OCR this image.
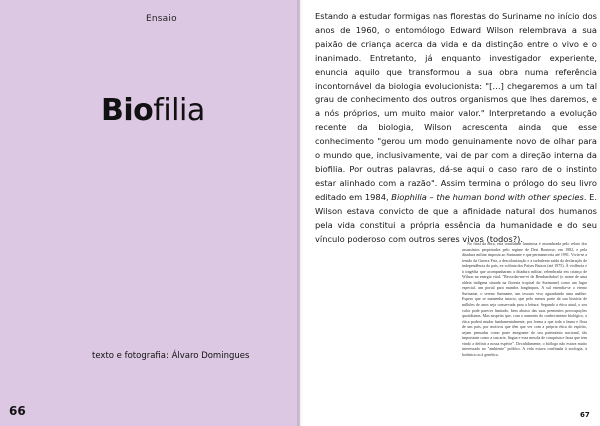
Ensaio
Biofilia
texto e fotografia: Álvaro Domingues
66

Estando a estudar formigas nas florestas do Suriname no início dos anos de 1960, o entomólogo Edward Wilson relembrava a sua paixão de criança acerca da vida e da distinção entre o vivo e o inanimado. Entretanto, já enquanto investigador experiente, enuncia aquilo que transformou a sua obra numa referência incontornável da biologia evolucionista: "[…] chegaremos a um tal grau de conhecimento dos outros organismos que lhes daremos, e a nós próprios, um muito maior valor." Interpretando a evolução recente da biologia, Wilson acrescenta ainda que esse conhecimento "gerou um modo genuinamente novo de olhar para o mundo que, inclusivamente, vai de par com a direção interna da biofilia. Por outras palavras, dá-se aqui o caso raro de o instinto estar alinhado com a razão". Assim termina o prólogo do seu livro editado em 1984, Biophilia – the human bond with other species. E. Wilson estava convicto de que a afinidade natural dos humanos pela vida constitui a própria essência da humanidade e do seu vínculo poderoso com outros seres vivos (todos?).

No final da obra, esta tonalidade luminosa é assombrada pelo relato dos assassínios perpetrados pelo regime de Desi Bouterse, em 1982, e pela ditadura militar imposta ao Suriname e que permaneceria até 1991. Vivia-se a tensão da Guerra Fria, a descolonização e a turbulenta saída da declaração de independência do país, ex-colónia dos Países Baixos (até 1975). À violência e à tragédia que acompanharam a ditadura militar, relembrada em criança de Wilson na energia vital: "Recordar-me-ei de Bernhardsdorf (o nome de uma aldeia indígena situada na floresta tropical do Suriname) como um lugar especial, um portal para mundos longínquos. A sul estendia-se o eterno Suriname, o sereno Suriname, um tesouro vivo aguardando uma análise. Espero que se mantenha intacto, que pelo menos parte da sua história de milhões de anos seja conservada para a leitura. Segundo a ética atual, o seu valor pode parecer limitado, bem abaixo das suas prementes preocupações quotidianas. Mas suspeito que, com o aumento do conhecimento biológico, a ética poderá mudar fundamentalmente, por forma a que toda a fauna e flora de um país, por motivos que têm que ver com a própria ética do espírito, sejam pensadas como parte integrante do seu património nacional, tão importante como a sua arte, língua e essa mescla de conquista e farsa que tem vindo a definir a nossa espécie". Decididamente, o biólogo não estava muito interessado no "ambiente" político. A vida estava confinada à zoologia, à botânica ou à genética.

67
